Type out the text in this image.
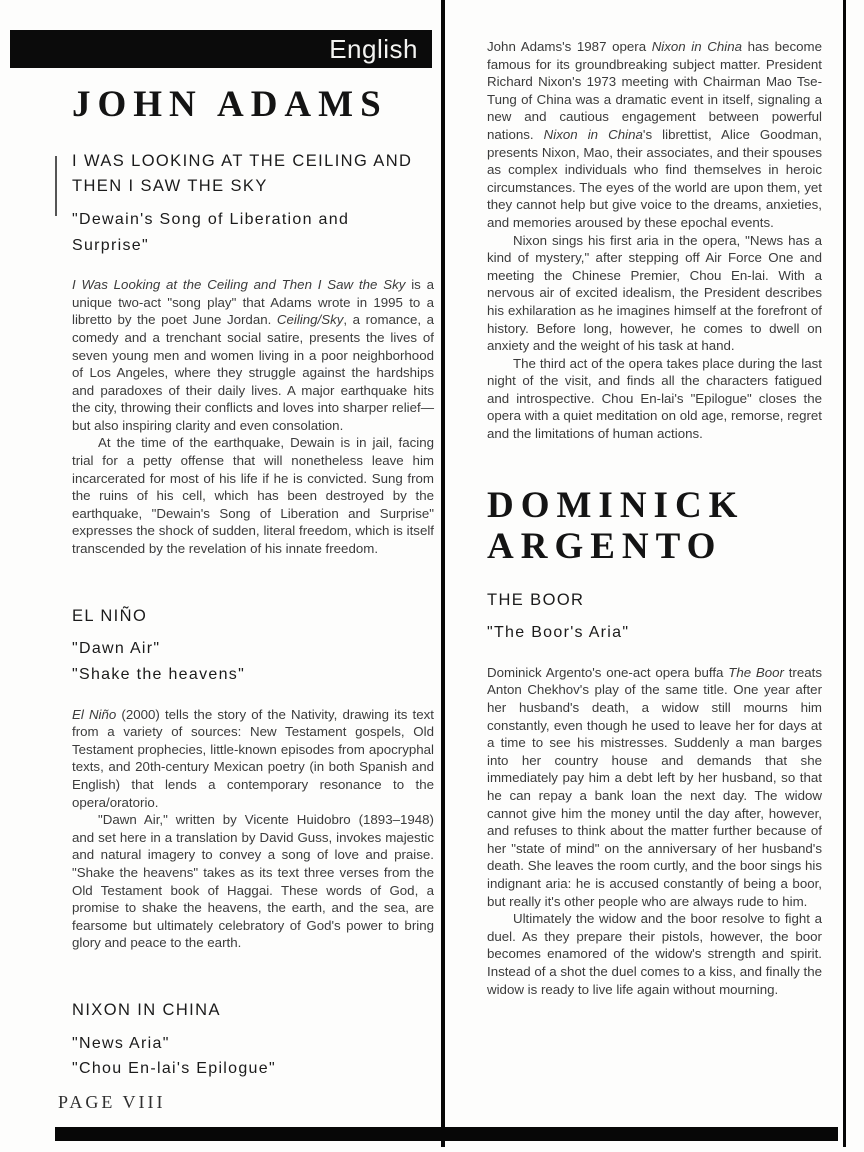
English
JOHN ADAMS
I WAS LOOKING AT THE CEILING AND THEN I SAW THE SKY
"Dewain's Song of Liberation and Surprise"

I Was Looking at the Ceiling and Then I Saw the Sky is a unique two-act "song play" that Adams wrote in 1995 to a libretto by the poet June Jordan. Ceiling/Sky, a romance, a comedy and a trenchant social satire, presents the lives of seven young men and women living in a poor neighborhood of Los Angeles, where they struggle against the hardships and paradoxes of their daily lives. A major earthquake hits the city, throwing their conflicts and loves into sharper relief—but also inspiring clarity and even consolation.

At the time of the earthquake, Dewain is in jail, facing trial for a petty offense that will nonetheless leave him incarcerated for most of his life if he is convicted. Sung from the ruins of his cell, which has been destroyed by the earthquake, "Dewain's Song of Liberation and Surprise" expresses the shock of sudden, literal freedom, which is itself transcended by the revelation of his innate freedom.

EL NIÑO
"Dawn Air"
"Shake the heavens"

El Niño (2000) tells the story of the Nativity, drawing its text from a variety of sources: New Testament gospels, Old Testament prophecies, little-known episodes from apocryphal texts, and 20th-century Mexican poetry (in both Spanish and English) that lends a contemporary resonance to the opera/oratorio.

"Dawn Air," written by Vicente Huidobro (1893–1948) and set here in a translation by David Guss, invokes majestic and natural imagery to convey a song of love and praise. "Shake the heavens" takes as its text three verses from the Old Testament book of Haggai. These words of God, a promise to shake the heavens, the earth, and the sea, are fearsome but ultimately celebratory of God's power to bring glory and peace to the earth.

NIXON IN CHINA
"News Aria"
"Chou En-lai's Epilogue"

John Adams's 1987 opera Nixon in China has become famous for its groundbreaking subject matter. President Richard Nixon's 1973 meeting with Chairman Mao Tse-Tung of China was a dramatic event in itself, signaling a new and cautious engagement between powerful nations. Nixon in China's librettist, Alice Goodman, presents Nixon, Mao, their associates, and their spouses as complex individuals who find themselves in heroic circumstances. The eyes of the world are upon them, yet they cannot help but give voice to the dreams, anxieties, and memories aroused by these epochal events.

Nixon sings his first aria in the opera, "News has a kind of mystery," after stepping off Air Force One and meeting the Chinese Premier, Chou En-lai. With a nervous air of excited idealism, the President describes his exhilaration as he imagines himself at the forefront of history. Before long, however, he comes to dwell on anxiety and the weight of his task at hand.

The third act of the opera takes place during the last night of the visit, and finds all the characters fatigued and introspective. Chou En-lai's "Epilogue" closes the opera with a quiet meditation on old age, remorse, regret and the limitations of human actions.

DOMINICK ARGENTO
THE BOOR
"The Boor's Aria"

Dominick Argento's one-act opera buffa The Boor treats Anton Chekhov's play of the same title. One year after her husband's death, a widow still mourns him constantly, even though he used to leave her for days at a time to see his mistresses. Suddenly a man barges into her country house and demands that she immediately pay him a debt left by her husband, so that he can repay a bank loan the next day. The widow cannot give him the money until the day after, however, and refuses to think about the matter further because of her "state of mind" on the anniversary of her husband's death. She leaves the room curtly, and the boor sings his indignant aria: he is accused constantly of being a boor, but really it's other people who are always rude to him.

Ultimately the widow and the boor resolve to fight a duel. As they prepare their pistols, however, the boor becomes enamored of the widow's strength and spirit. Instead of a shot the duel comes to a kiss, and finally the widow is ready to live life again without mourning.

PAGE VIII
